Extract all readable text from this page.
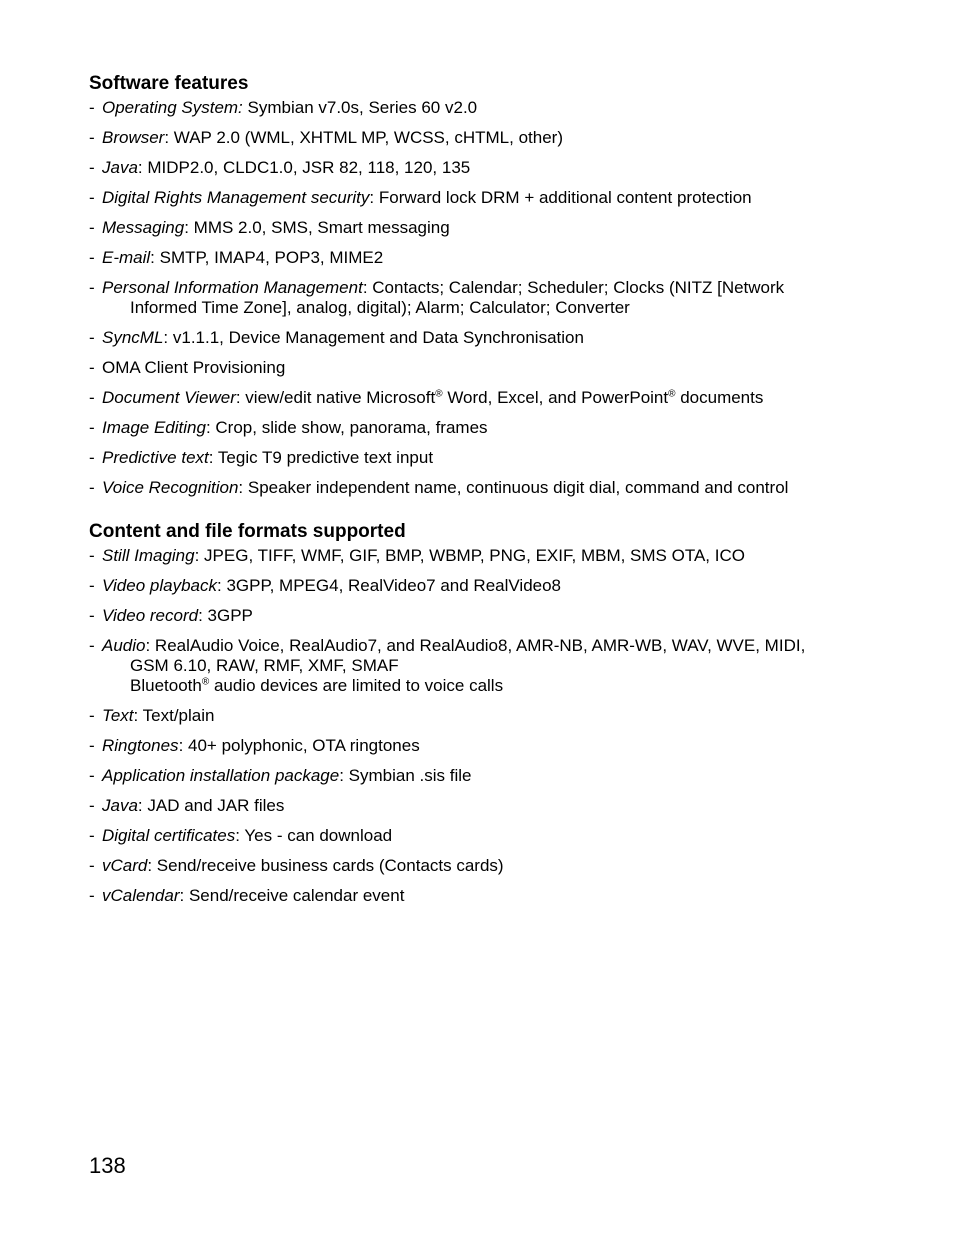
Software features
- Operating System: Symbian v7.0s, Series 60 v2.0
- Browser: WAP 2.0 (WML, XHTML MP, WCSS, cHTML, other)
- Java: MIDP2.0, CLDC1.0, JSR 82, 118, 120, 135
- Digital Rights Management security: Forward lock DRM + additional content protection
- Messaging: MMS 2.0, SMS, Smart messaging
- E-mail: SMTP, IMAP4, POP3, MIME2
- Personal Information Management: Contacts; Calendar; Scheduler; Clocks (NITZ [Network
Informed Time Zone], analog, digital); Alarm; Calculator; Converter
- SyncML: v1.1.1, Device Management and Data Synchronisation
- OMA Client Provisioning
- Document Viewer: view/edit native Microsoft® Word, Excel, and PowerPoint® documents
- Image Editing: Crop, slide show, panorama, frames
- Predictive text: Tegic T9 predictive text input
- Voice Recognition: Speaker independent name, continuous digit dial, command and control
Content and file formats supported
- Still Imaging: JPEG, TIFF, WMF, GIF, BMP, WBMP, PNG, EXIF, MBM, SMS OTA, ICO
- Video playback: 3GPP, MPEG4, RealVideo7 and RealVideo8
- Video record: 3GPP
- Audio: RealAudio Voice, RealAudio7, and RealAudio8, AMR-NB, AMR-WB, WAV, WVE, MIDI,
GSM 6.10, RAW, RMF, XMF, SMAF
Bluetooth® audio devices are limited to voice calls
- Text: Text/plain
- Ringtones: 40+ polyphonic, OTA ringtones
- Application installation package: Symbian .sis file
- Java: JAD and JAR files
- Digital certificates: Yes - can download
- vCard: Send/receive business cards (Contacts cards)
- vCalendar: Send/receive calendar event
138
